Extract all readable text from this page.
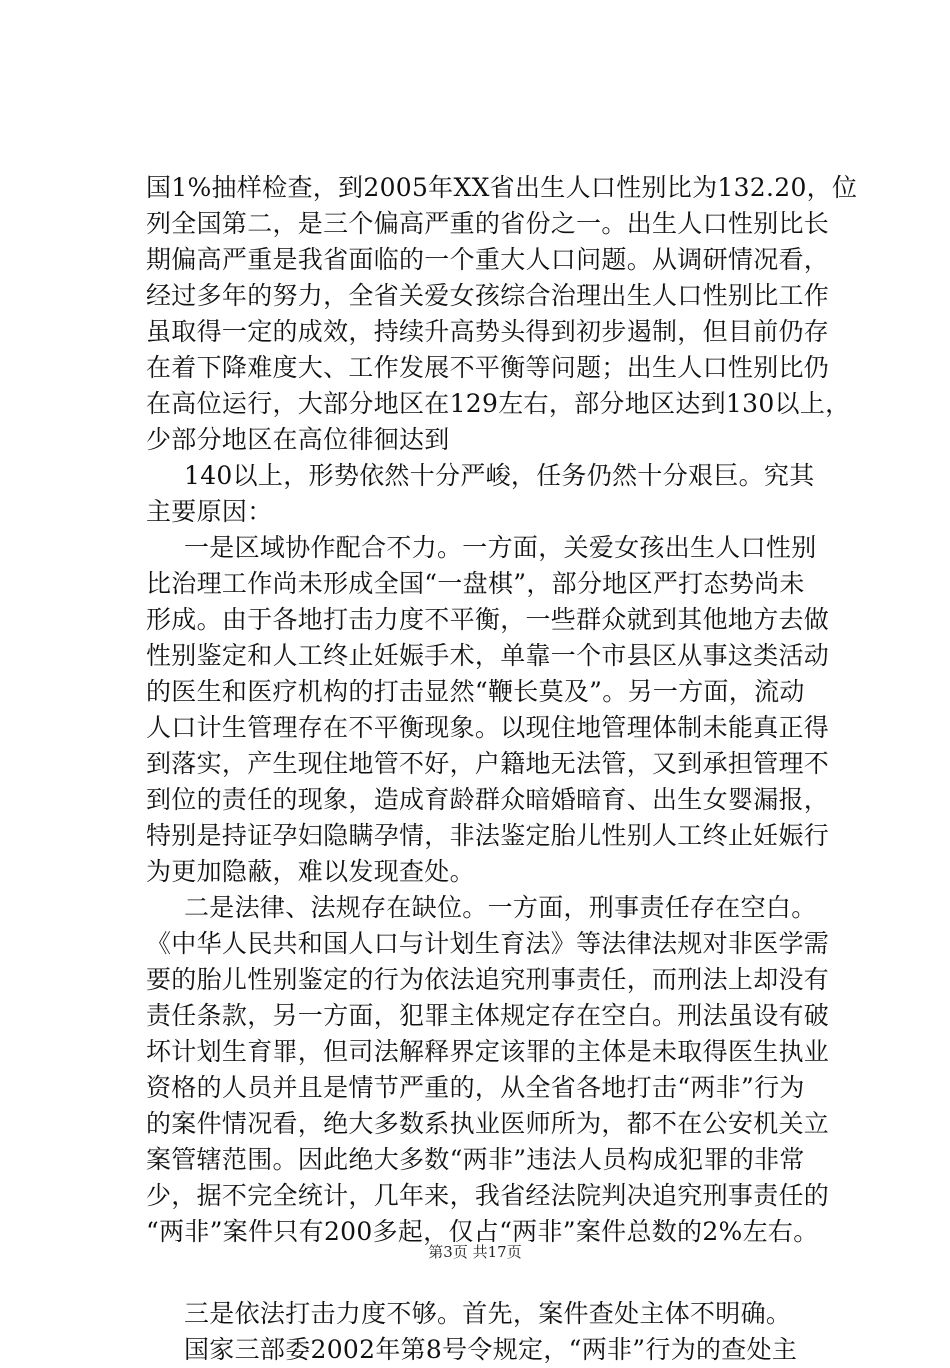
国1%抽样检查，到2005年XX省出生人口性别比为132.20，位
列全国第二，是三个偏高严重的省份之一。出生人口性别比长
期偏高严重是我省面临的一个重大人口问题。从调研情况看，
经过多年的努力，全省关爱女孩综合治理出生人口性别比工作
虽取得一定的成效，持续升高势头得到初步遏制，但目前仍存
在着下降难度大、工作发展不平衡等问题；出生人口性别比仍
在高位运行，大部分地区在129左右，部分地区达到130以上，
少部分地区在高位徘徊达到
140以上，形势依然十分严峻，任务仍然十分艰巨。究其
主要原因：
一是区域协作配合不力。一方面，关爱女孩出生人口性别
比治理工作尚未形成全国“一盘棋”，部分地区严打态势尚未
形成。由于各地打击力度不平衡，一些群众就到其他地方去做
性别鉴定和人工终止妊娠手术，单靠一个市县区从事这类活动
的医生和医疗机构的打击显然“鞭长莫及”。另一方面，流动
人口计生管理存在不平衡现象。以现住地管理体制未能真正得
到落实，产生现住地管不好，户籍地无法管，又到承担管理不
到位的责任的现象，造成育龄群众暗婚暗育、出生女婴漏报，
特别是持证孕妇隐瞒孕情，非法鉴定胎儿性别人工终止妊娠行
为更加隐蔽，难以发现查处。
二是法律、法规存在缺位。一方面，刑事责任存在空白。
《中华人民共和国人口与计划生育法》等法律法规对非医学需
要的胎儿性别鉴定的行为依法追究刑事责任，而刑法上却没有
责任条款，另一方面，犯罪主体规定存在空白。刑法虽设有破
坏计划生育罪，但司法解释界定该罪的主体是未取得医生执业
资格的人员并且是情节严重的，从全省各地打击“两非”行为
的案件情况看，绝大多数系执业医师所为，都不在公安机关立
案管辖范围。因此绝大多数“两非”违法人员构成犯罪的非常
少，据不完全统计，几年来，我省经法院判决追究刑事责任的
“两非”案件只有200多起，仅占“两非”案件总数的2%左右。
三是依法打击力度不够。首先，案件查处主体不明确。
国家三部委2002年第8号令规定，“两非”行为的查处主
第3页 共17页
